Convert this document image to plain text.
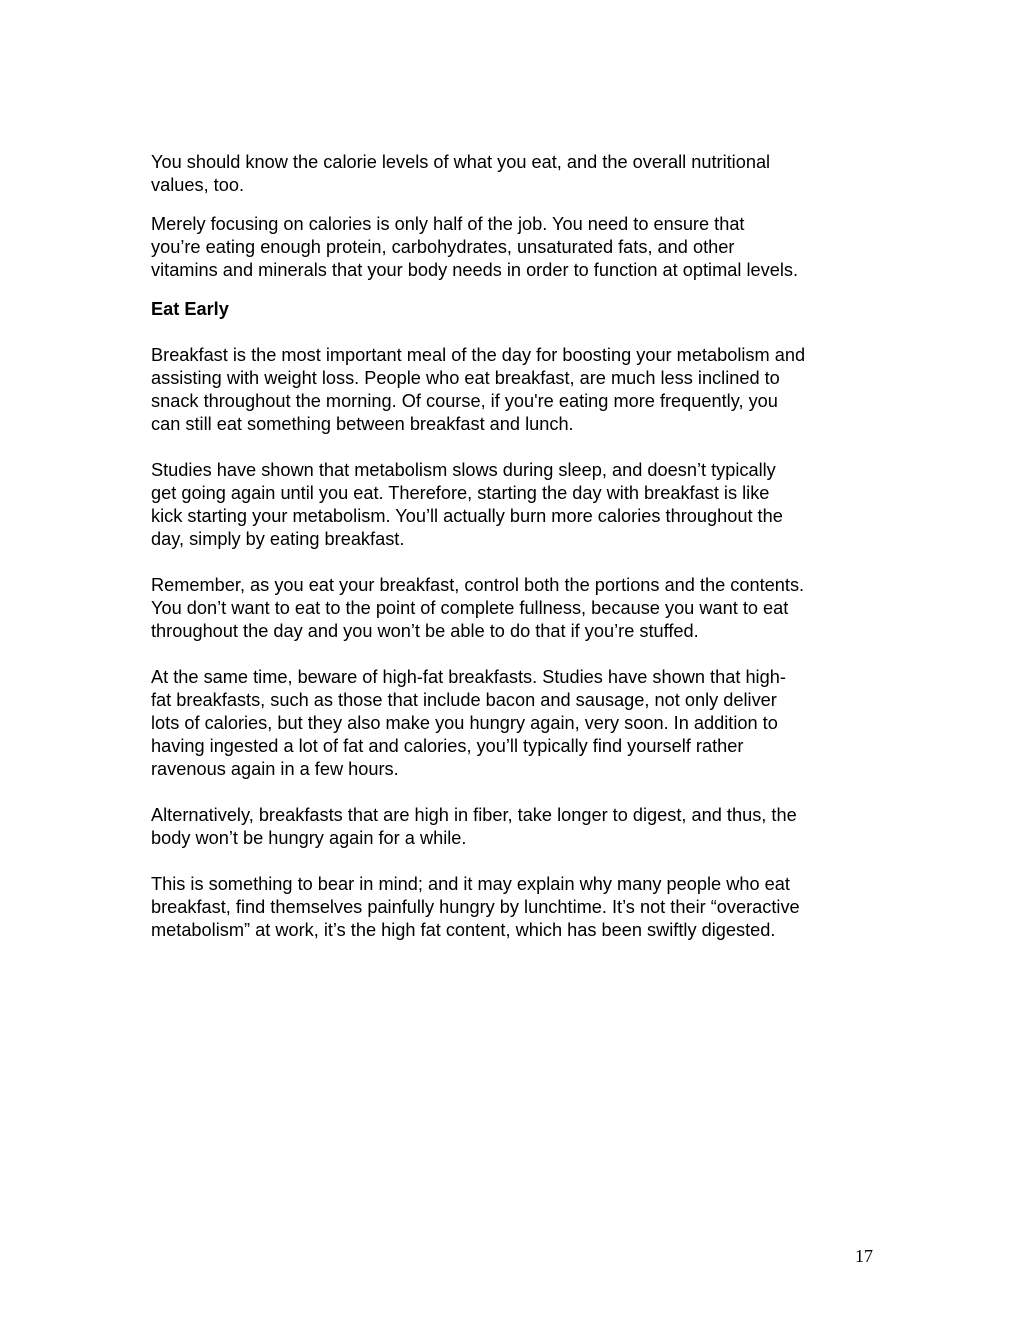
You should know the calorie levels of what you eat, and the overall nutritional
values, too.

Merely focusing on calories is only half of the job. You need to ensure that
you’re eating enough protein, carbohydrates, unsaturated fats, and other
vitamins and minerals that your body needs in order to function at optimal levels.

Eat Early

Breakfast is the most important meal of the day for boosting your metabolism and
assisting with weight loss. People who eat breakfast, are much less inclined to
snack throughout the morning. Of course, if you're eating more frequently, you
can still eat something between breakfast and lunch.

Studies have shown that metabolism slows during sleep, and doesn’t typically
get going again until you eat. Therefore, starting the day with breakfast is like
kick starting your metabolism. You’ll actually burn more calories throughout the
day, simply by eating breakfast.

Remember, as you eat your breakfast, control both the portions and the contents.
You don’t want to eat to the point of complete fullness, because you want to eat
throughout the day and you won’t be able to do that if you’re stuffed.

At the same time, beware of high-fat breakfasts. Studies have shown that high-
fat breakfasts, such as those that include bacon and sausage, not only deliver
lots of calories, but they also make you hungry again, very soon. In addition to
having ingested a lot of fat and calories, you’ll typically find yourself rather
ravenous again in a few hours.

Alternatively, breakfasts that are high in fiber, take longer to digest, and thus, the
body won’t be hungry again for a while.

This is something to bear in mind; and it may explain why many people who eat
breakfast, find themselves painfully hungry by lunchtime. It’s not their “overactive
metabolism” at work, it’s the high fat content, which has been swiftly digested.

17
